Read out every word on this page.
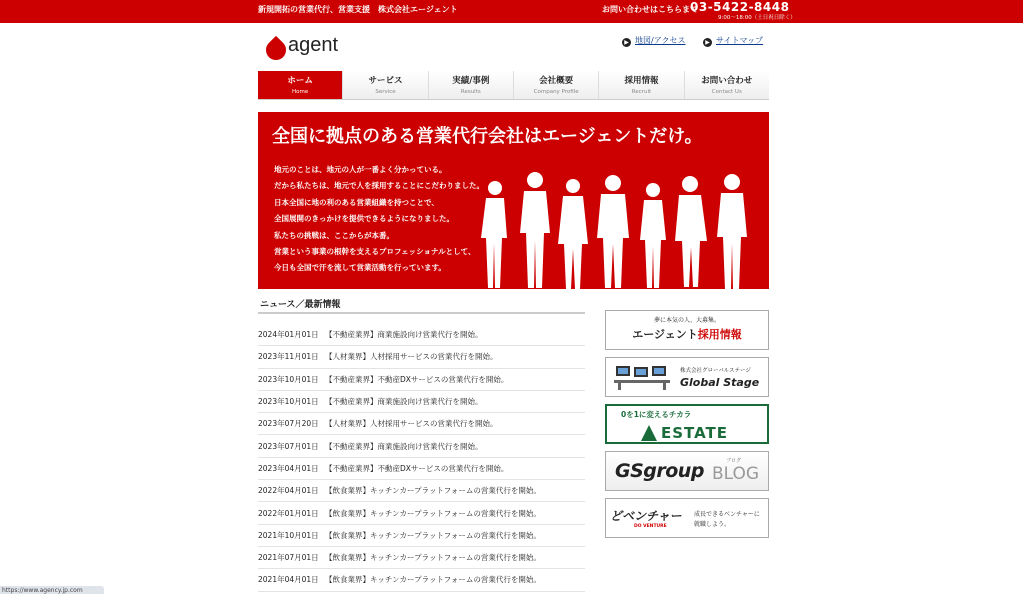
新規開拓の営業代行、営業支援　株式会社エージェント	お問い合わせはこちらまで
03-5422-8448
9:00～18:00（土日祝日除く）
agent	▶ 地図/アクセス	▶ サイトマップ
ホーム
Home
サービス
Service
実績/事例
Results
会社概要
Company Profile
採用情報
Recruit
お問い合わせ
Contact Us
全国に拠点のある営業代行会社はエージェントだけ。
地元のことは、地元の人が一番よく分かっている。
だから私たちは、地元で人を採用することにこだわりました。
日本全国に地の利のある営業組織を持つことで、
全国展開のきっかけを提供できるようになりました。
私たちの挑戦は、ここからが本番。
営業という事業の根幹を支えるプロフェッショナルとして、
今日も全国で汗を流して営業活動を行っています。
ニュース／最新情報
2024年01月01日 【不動産業界】商業施設向け営業代行を開始。
2023年11月01日 【人材業界】人材採用サービスの営業代行を開始。
2023年10月01日 【不動産業界】不動産DXサービスの営業代行を開始。
2023年10月01日 【不動産業界】商業施設向け営業代行を開始。
2023年07月20日 【人材業界】人材採用サービスの営業代行を開始。
2023年07月01日 【不動産業界】商業施設向け営業代行を開始。
2023年04月01日 【不動産業界】不動産DXサービスの営業代行を開始。
2022年04月01日 【飲食業界】キッチンカープラットフォームの営業代行を開始。
2022年01月01日 【飲食業界】キッチンカープラットフォームの営業代行を開始。
2021年10月01日 【飲食業界】キッチンカープラットフォームの営業代行を開始。
2021年07月01日 【飲食業界】キッチンカープラットフォームの営業代行を開始。
2021年04月01日 【飲食業界】キッチンカープラットフォームの営業代行を開始。
夢に本気の人、大募集。
エージェント採用情報
株式会社グローバルステージ
Global Stage
0を1に変えるチカラ
ESTATE
GSgroup	ブログ
BLOG
どベンチャー
DO VENTURE
成長できるベンチャーに
就職しよう。
https://www.agency.jp.com
